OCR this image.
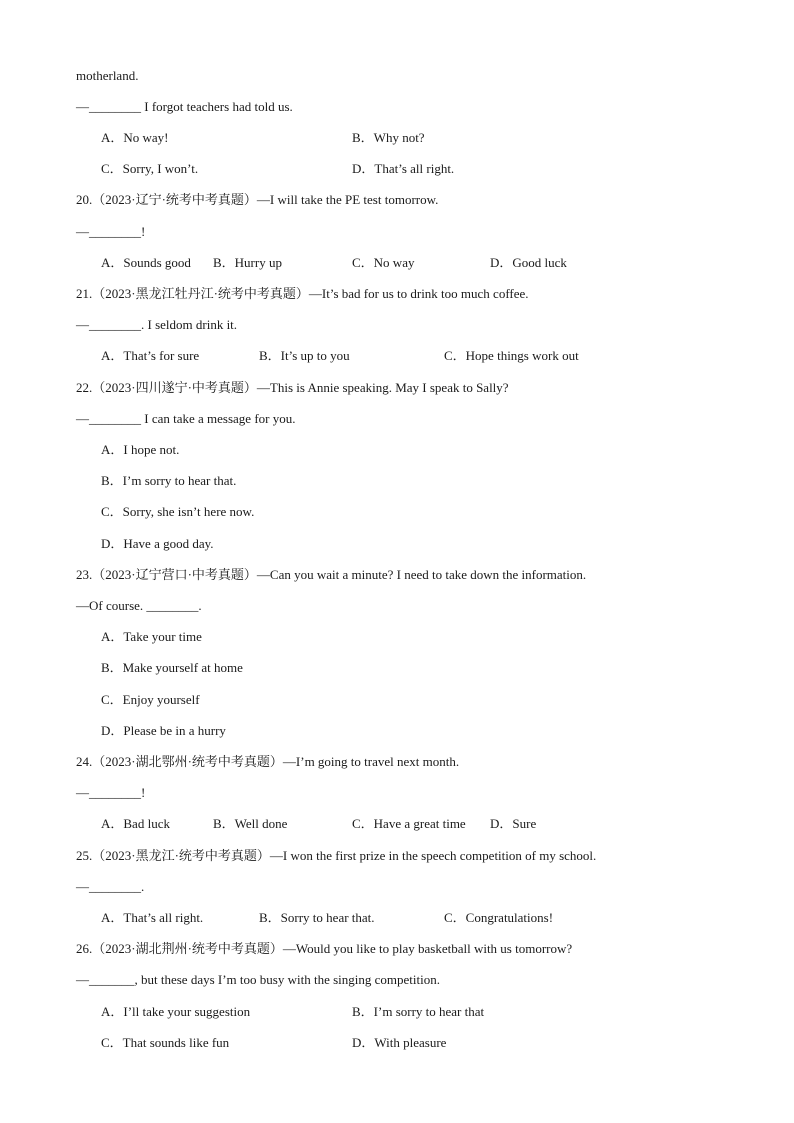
motherland.
—________ I forgot teachers had told us.
A．No way!	B．Why not?
C．Sorry, I won’t.	D．That’s all right.
20.（2023·辽宁·统考中考真题）—I will take the PE test tomorrow.
—________!
A．Sounds good B．Hurry up	C．No way	D．Good luck
21.（2023·黑龙江牡丹江·统考中考真题）—It’s bad for us to drink too much coffee.
—________. I seldom drink it.
A．That’s for sure	B．It’s up to you	C．Hope things work out
22.（2023·四川遂宁·中考真题）—This is Annie speaking. May I speak to Sally?
—________ I can take a message for you.
A．I hope not.
B．I’m sorry to hear that.
C．Sorry, she isn’t here now.
D．Have a good day.
23.（2023·辽宁营口·中考真题）—Can you wait a minute? I need to take down the information.
—Of course. ________.
A．Take your time
B．Make yourself at home
C．Enjoy yourself
D．Please be in a hurry
24.（2023·湖北鄂州·统考中考真题）—I’m going to travel next month.
—________!
A．Bad luck	B．Well done	C．Have a great time D．Sure
25.（2023·黑龙江·统考中考真题）—I won the first prize in the speech competition of my school.
—________.
A．That’s all right.	B．Sorry to hear that.	C．Congratulations!
26.（2023·湖北荆州·统考中考真题）—Would you like to play basketball with us tomorrow?
—_______, but these days I’m too busy with the singing competition.
A．I’ll take your suggestion	B．I’m sorry to hear that
C．That sounds like fun	D．With pleasure
